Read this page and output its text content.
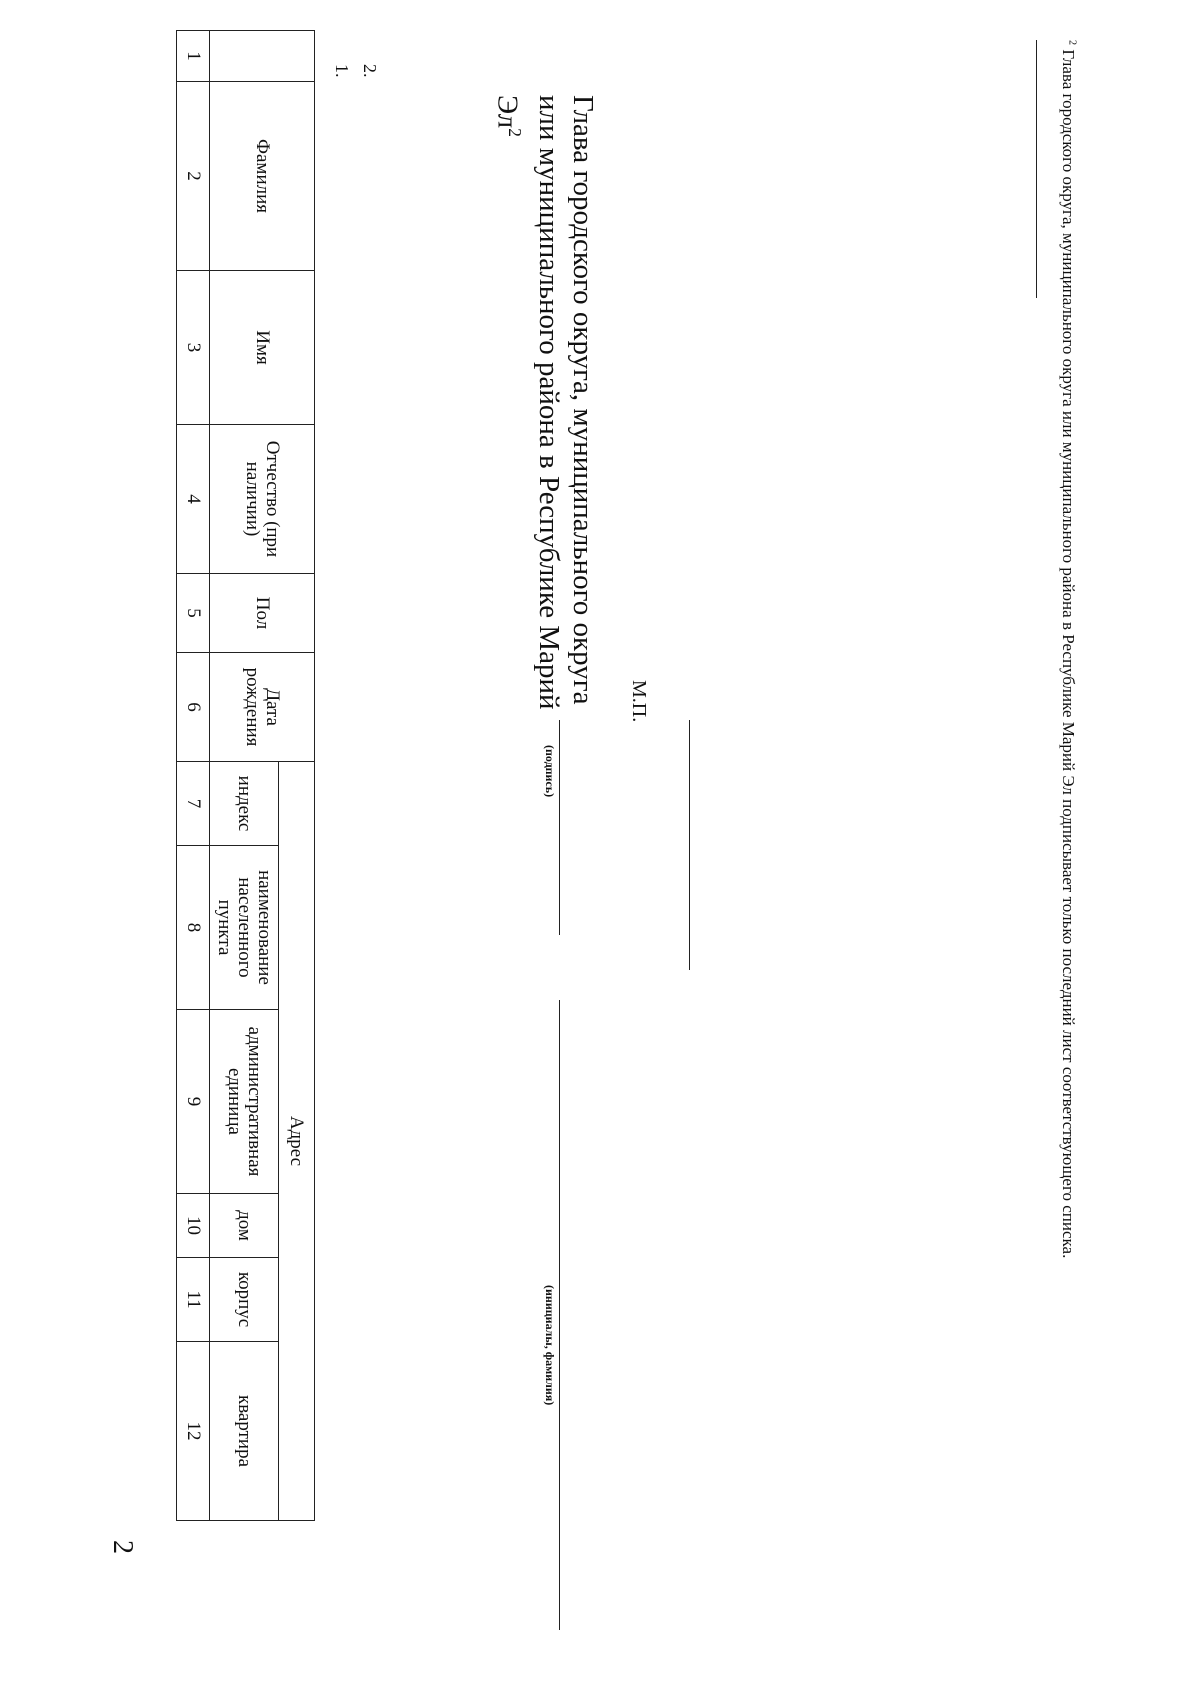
2
	Фамилия	Имя	Отчество (при наличии)	Пол	Дата рождения	Адрес					
						индекс	наименование населенного пункта	административная единица	дом	корпус	квартира
1	2	3	4	5	6	7	8	9	10	11	12
1. 2.
Глава городского округа, муниципального округа
или муниципального района в Республике Марий $Эл^2$
(подпись)
(инициалы, фамилия)
М.П.
$^2$ Глава городского округа, муниципального округа или муниципального района в Республике Марий Эл подписывает только последний лист соответствующего списка.
